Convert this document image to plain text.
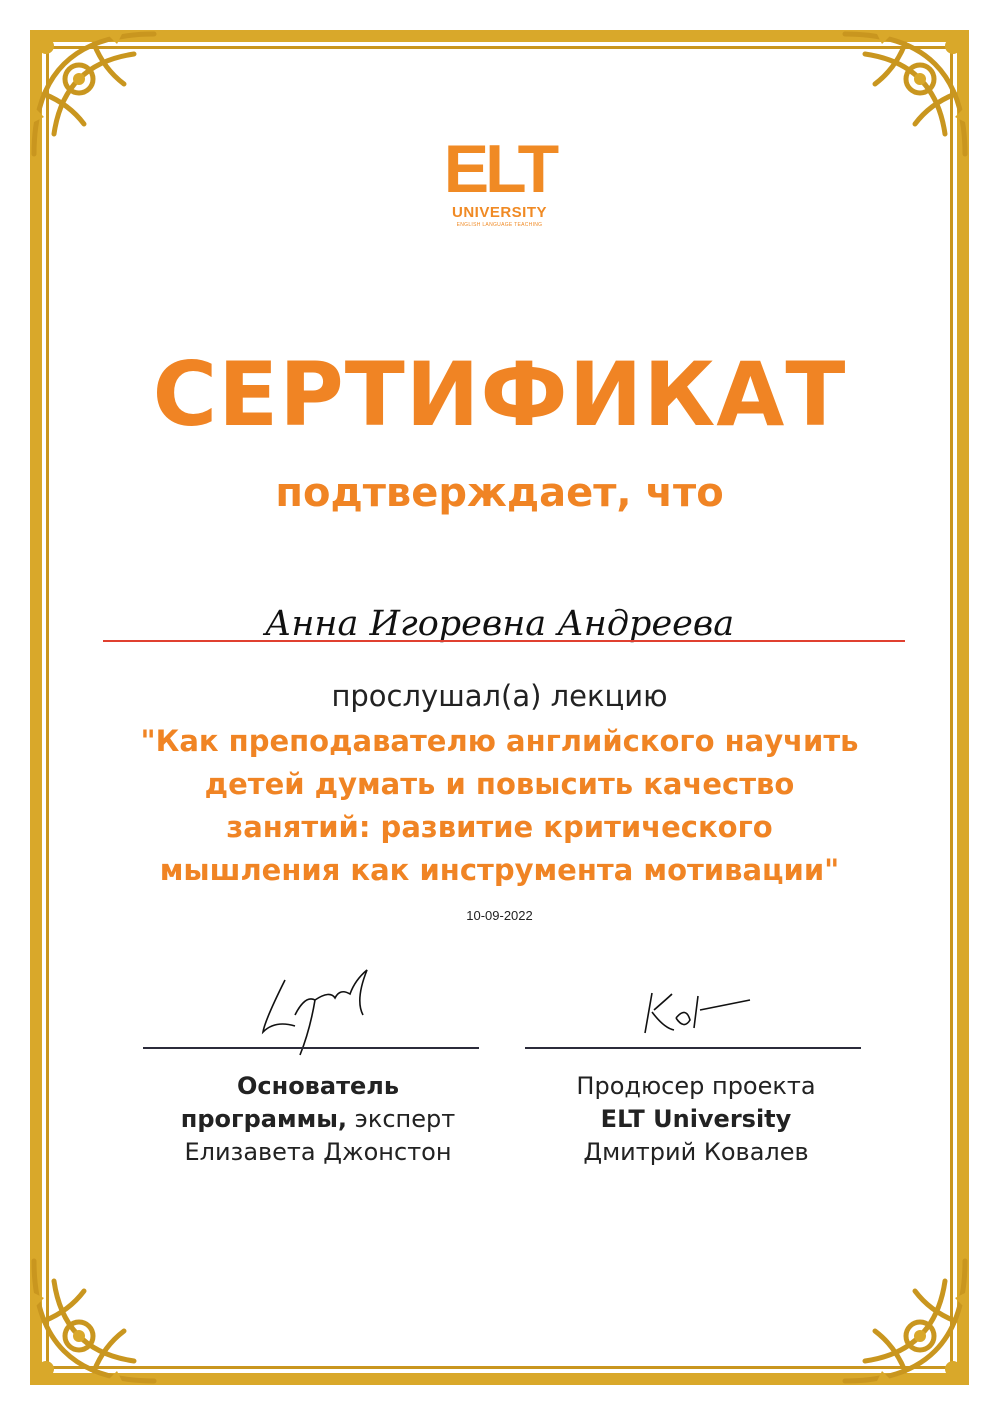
ELT
UNIVERSITY
ENGLISH LANGUAGE TEACHING
СЕРТИФИКАТ
подтверждает, что
Анна Игоревна Андреева
прослушал(а) лекцию
"Как преподавателю английского научить
детей думать и повысить качество
занятий: развитие критического
мышления как инструмента мотивации"
10-09-2022
Основатель
программы, эксперт
Елизавета Джонстон
Продюсер проекта
ELT University
Дмитрий Ковалев
